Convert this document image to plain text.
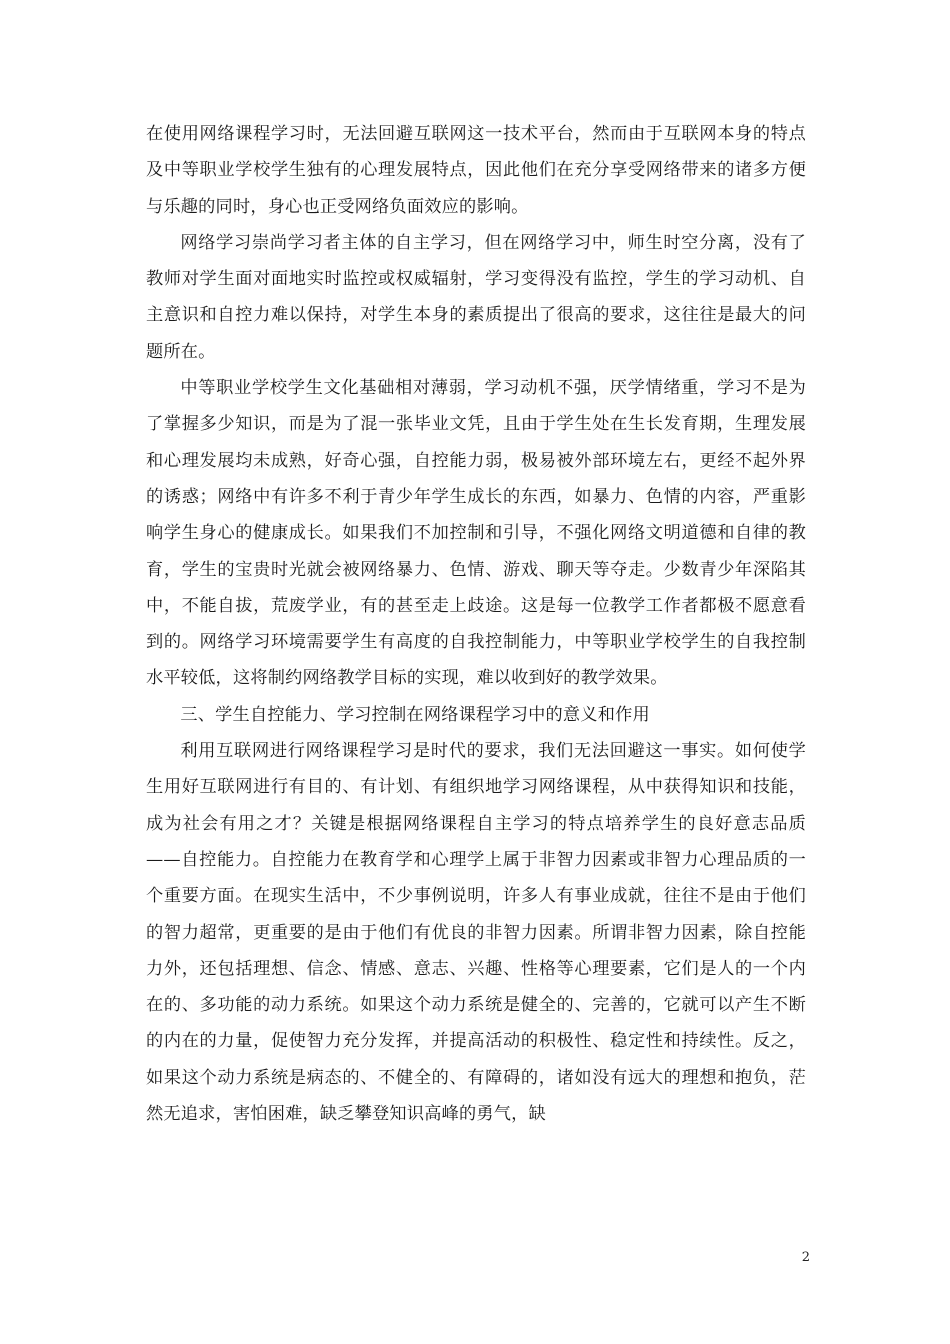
在使用网络课程学习时，无法回避互联网这一技术平台，然而由于互联网本身的特点及中等职业学校学生独有的心理发展特点，因此他们在充分享受网络带来的诸多方便与乐趣的同时，身心也正受网络负面效应的影响。

网络学习崇尚学习者主体的自主学习，但在网络学习中，师生时空分离，没有了教师对学生面对面地实时监控或权威辐射，学习变得没有监控，学生的学习动机、自主意识和自控力难以保持，对学生本身的素质提出了很高的要求，这往往是最大的问题所在。

中等职业学校学生文化基础相对薄弱，学习动机不强，厌学情绪重，学习不是为了掌握多少知识，而是为了混一张毕业文凭，且由于学生处在生长发育期，生理发展和心理发展均未成熟，好奇心强，自控能力弱，极易被外部环境左右，更经不起外界的诱惑；网络中有许多不利于青少年学生成长的东西，如暴力、色情的内容，严重影响学生身心的健康成长。如果我们不加控制和引导，不强化网络文明道德和自律的教育，学生的宝贵时光就会被网络暴力、色情、游戏、聊天等夺走。少数青少年深陷其中，不能自拔，荒废学业，有的甚至走上歧途。这是每一位教学工作者都极不愿意看到的。网络学习环境需要学生有高度的自我控制能力，中等职业学校学生的自我控制水平较低，这将制约网络教学目标的实现，难以收到好的教学效果。

三、学生自控能力、学习控制在网络课程学习中的意义和作用

利用互联网进行网络课程学习是时代的要求，我们无法回避这一事实。如何使学生用好互联网进行有目的、有计划、有组织地学习网络课程，从中获得知识和技能，成为社会有用之才？关键是根据网络课程自主学习的特点培养学生的良好意志品质——自控能力。自控能力在教育学和心理学上属于非智力因素或非智力心理品质的一个重要方面。在现实生活中，不少事例说明，许多人有事业成就，往往不是由于他们的智力超常，更重要的是由于他们有优良的非智力因素。所谓非智力因素，除自控能力外，还包括理想、信念、情感、意志、兴趣、性格等心理要素，它们是人的一个内在的、多功能的动力系统。如果这个动力系统是健全的、完善的，它就可以产生不断的内在的力量，促使智力充分发挥，并提高活动的积极性、稳定性和持续性。反之，如果这个动力系统是病态的、不健全的、有障碍的，诸如没有远大的理想和抱负，茫然无追求，害怕困难，缺乏攀登知识高峰的勇气，缺

2
